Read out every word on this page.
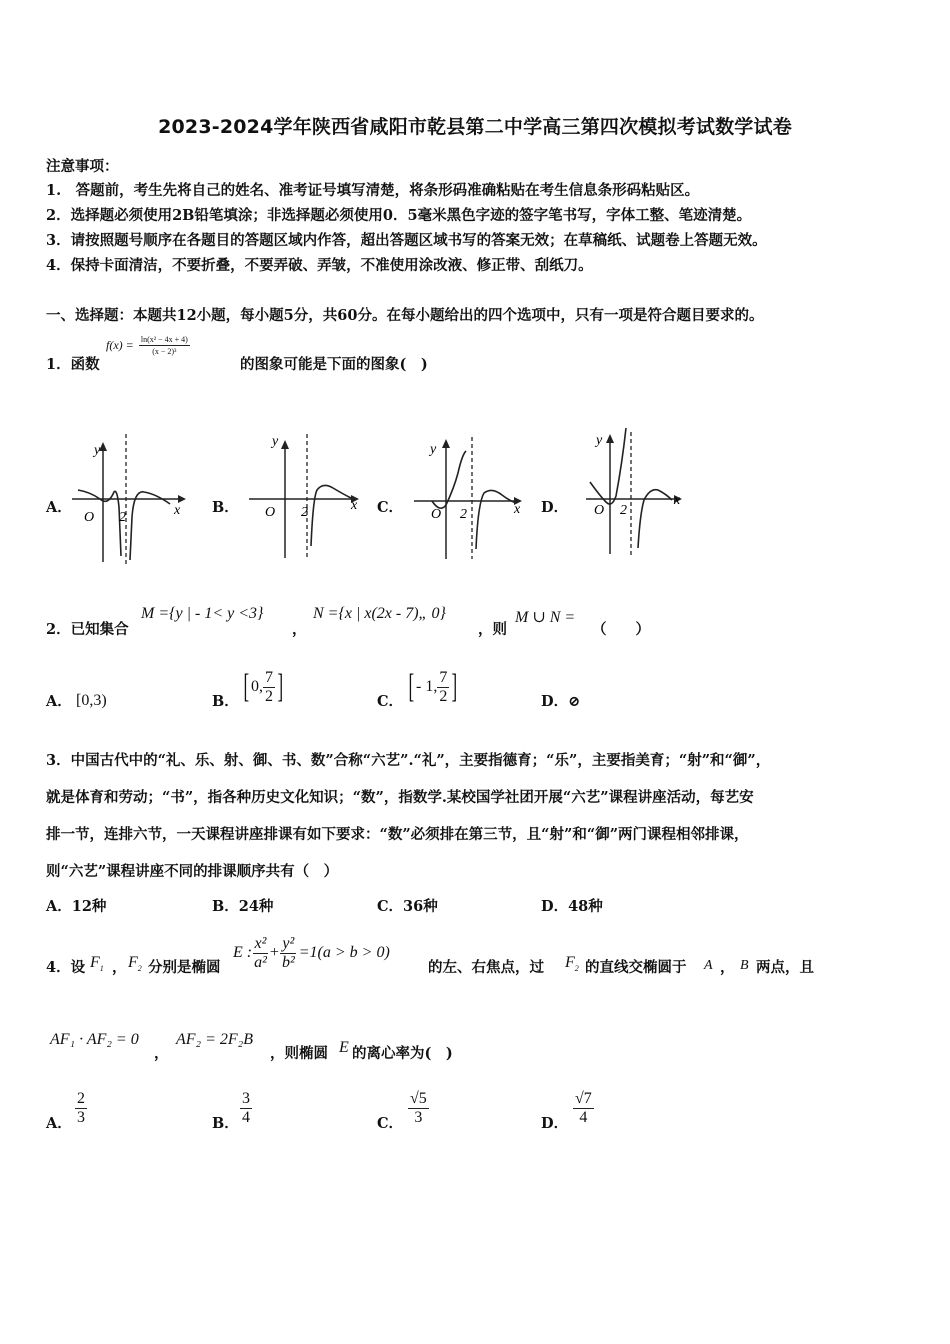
2023-2024学年陕西省咸阳市乾县第二中学高三第四次模拟考试数学试卷
注意事项：
1.　答题前，考生先将自己的姓名、准考证号填写清楚，将条形码准确粘贴在考生信息条形码粘贴区。
2．选择题必须使用2B铅笔填涂；非选择题必须使用0．5毫米黑色字迹的签字笔书写，字体工整、笔迹清楚。
3．请按照题号顺序在各题目的答题区域内作答，超出答题区域书写的答案无效；在草稿纸、试题卷上答题无效。
4．保持卡面清洁，不要折叠，不要弄破、弄皱，不准使用涂改液、修正带、刮纸刀。
一、选择题：本题共12小题，每小题5分，共60分。在每小题给出的四个选项中，只有一项是符合题目要求的。
1．函数
$f(x) = \frac{\text{ln(x² − 4x + 4)}}{\text{(x − 2)³}}$
的图象可能是下面的图象(　)
A．	B．	C．	D．
y
x
O 2
y
x
O 2
y
x
O 2
y
x
O 2
2．已知集合
M ={y | - 1< y <3}
，
N ={x | x(2x - 7)„ 0}
，则
M ∪ N =
（　　）
A． [0,3)	B． [ 0, $\frac{7}{2}$ ]	C． [ - 1, $\frac{7}{2}$ ]	D．⊘
3．中国古代中的“礼、乐、射、御、书、数”合称“六艺”.“礼”，主要指德育；“乐”，主要指美育；“射”和“御”，
就是体育和劳动；“书”，指各种历史文化知识；“数”，指数学.某校国学社团开展“六艺”课程讲座活动，每艺安
排一节，连排六节，一天课程讲座排课有如下要求：“数”必须排在第三节，且“射”和“御”两门课程相邻排课，
则“六艺”课程讲座不同的排课顺序共有（　）
A．12种	B．24种	C．36种	D．48种
4．设 $F_1$ ， $F_2$ 分别是椭圆
E : $\frac{\text{x²}}{\text{a²}} + \frac{\text{y²}}{\text{b²}} =1(a > b > 0)$
的左、右焦点，过 $F_2$ 的直线交椭圆于 A ， B 两点，且
AF₁ · AF₂ = 0
，
AF₂ = 2F₂B
，则椭圆 E 的离心率为(　)
A． $\frac{2}{3}$	B． $\frac{3}{4}$	C． $\frac{√5}{3}$	D． $\frac{√7}{4}$
